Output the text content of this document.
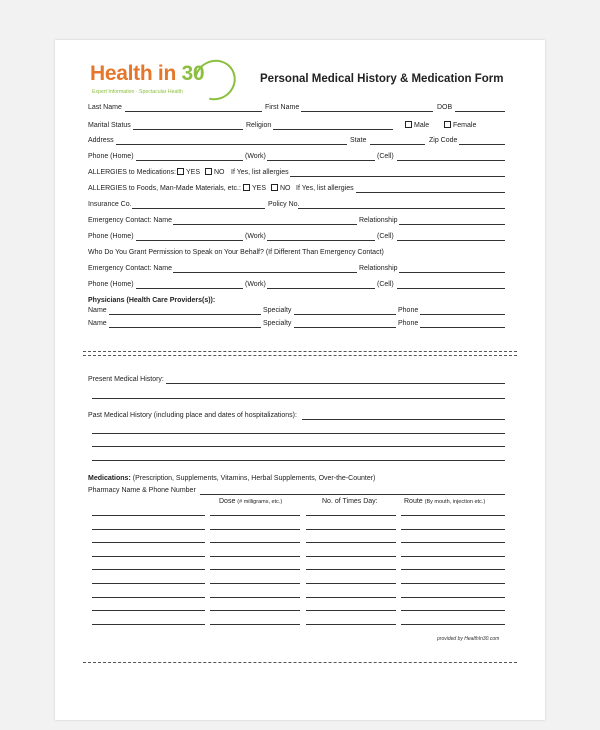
Health in 30
Expert Information · Spectacular Health
Personal Medical History & Medication Form
Last Name	First Name	DOB
Marital Status	Religion	Male	Female
Address	State	Zip Code
Phone (Home)	(Work)	(Cell)
ALLERGIES to Medications:	YES	NO If Yes, list allergies
ALLERGIES to Foods, Man-Made Materials, etc.:	YES	NO If Yes, list allergies
Insurance Co.	Policy No.
Emergency Contact: Name	Relationship
Phone (Home)	(Work)	(Cell)
Who Do You Grant Permission to Speak on Your Behalf? (If Different Than Emergency Contact)
Emergency Contact: Name	Relationship
Phone (Home)	(Work)	(Cell)
Physicians (Health Care Providers(s)):
Name	Specialty	Phone
Name	Specialty	Phone
Present Medical History:
Past Medical History (including place and dates of hospitalizations):
Medications: (Prescription, Supplements, Vitamins, Herbal Supplements, Over-the-Counter)
Pharmacy Name & Phone Number
Dose (# milligrams, etc.)	No. of Times Day:	Route (By mouth, injection etc.)
provided by HealthIn30.com
